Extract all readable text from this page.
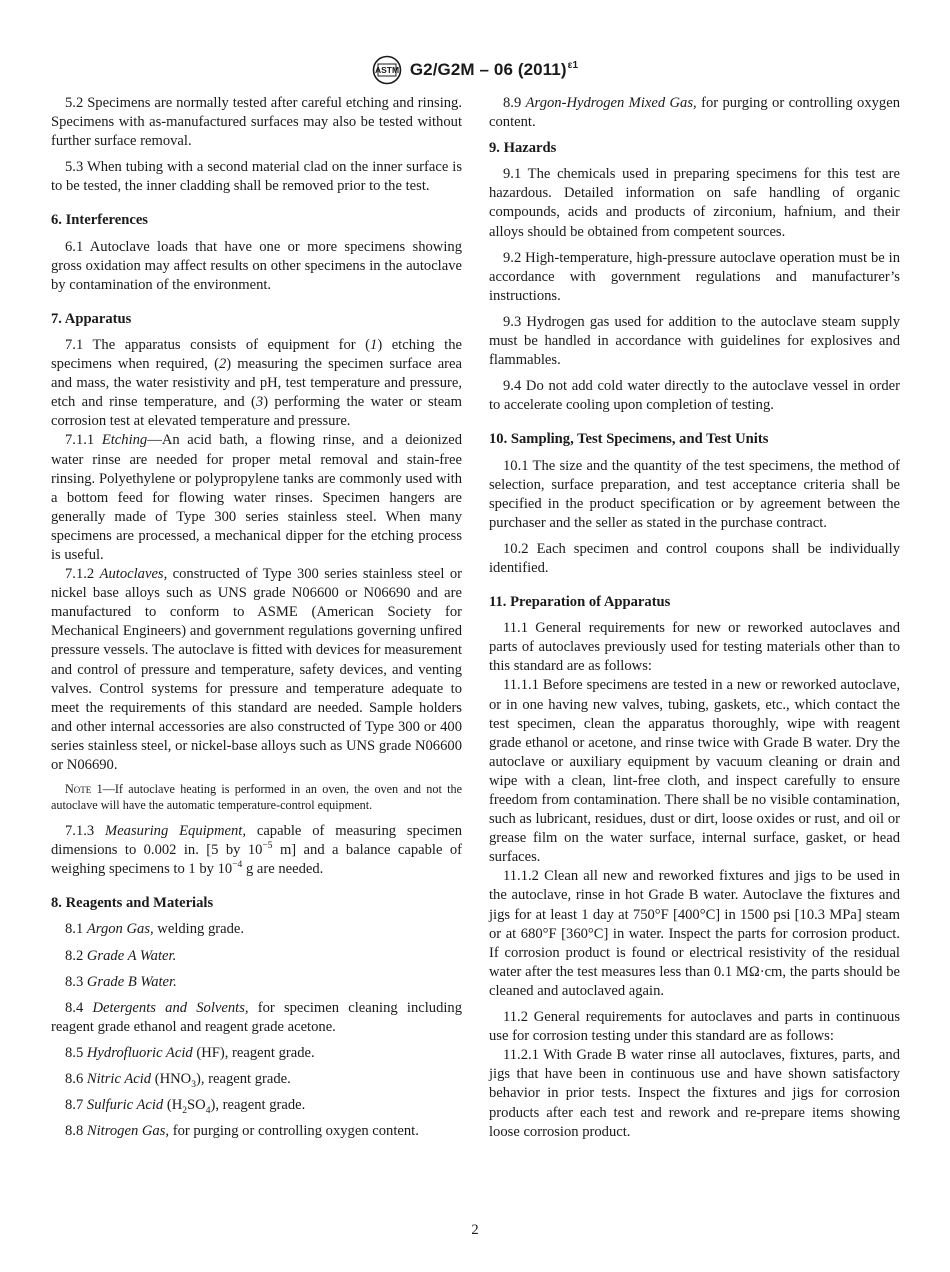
ASTM G2/G2M – 06 $(2011)^{\varepsilon 1}$

5.2 Specimens are normally tested after careful etching and rinsing. Specimens with as-manufactured surfaces may also be tested without further surface removal.

5.3 When tubing with a second material clad on the inner surface is to be tested, the inner cladding shall be removed prior to the test.

6. Interferences

6.1 Autoclave loads that have one or more specimens showing gross oxidation may affect results on other specimens in the autoclave by contamination of the environment.

7. Apparatus

7.1 The apparatus consists of equipment for (1) etching the specimens when required, (2) measuring the specimen surface area and mass, the water resistivity and pH, test temperature and pressure, etch and rinse temperature, and (3) performing the water or steam corrosion test at elevated temperature and pressure.

7.1.1 Etching—An acid bath, a flowing rinse, and a deionized water rinse are needed for proper metal removal and stain-free rinsing. Polyethylene or polypropylene tanks are commonly used with a bottom feed for flowing water rinses. Specimen hangers are generally made of Type 300 series stainless steel. When many specimens are processed, a mechanical dipper for the etching process is useful.

7.1.2 Autoclaves, constructed of Type 300 series stainless steel or nickel base alloys such as UNS grade N06600 or N06690 and are manufactured to conform to ASME (American Society for Mechanical Engineers) and government regulations governing unfired pressure vessels. The autoclave is fitted with devices for measurement and control of pressure and temperature, safety devices, and venting valves. Control systems for pressure and temperature adequate to meet the requirements of this standard are needed. Sample holders and other internal accessories are also constructed of Type 300 or 400 series stainless steel, or nickel-base alloys such as UNS grade N06600 or N06690.

Note 1—If autoclave heating is performed in an oven, the oven and not the autoclave will have the automatic temperature-control equipment.

7.1.3 Measuring Equipment, capable of measuring specimen dimensions to 0.002 in. [5 by $10^{-5}$ m] and a balance capable of weighing specimens to 1 by $10^{-4}$ g are needed.

8. Reagents and Materials

8.1 Argon Gas, welding grade.

8.2 Grade A Water.

8.3 Grade B Water.

8.4 Detergents and Solvents, for specimen cleaning including reagent grade ethanol and reagent grade acetone.

8.5 Hydrofluoric Acid (HF), reagent grade.

8.6 Nitric Acid $(HNO_3)$, reagent grade.

8.7 Sulfuric Acid $(H_2SO_4)$, reagent grade.

8.8 Nitrogen Gas, for purging or controlling oxygen content.

8.9 Argon-Hydrogen Mixed Gas, for purging or controlling oxygen content.

9. Hazards

9.1 The chemicals used in preparing specimens for this test are hazardous. Detailed information on safe handling of organic compounds, acids and products of zirconium, hafnium, and their alloys should be obtained from competent sources.

9.2 High-temperature, high-pressure autoclave operation must be in accordance with government regulations and manufacturer’s instructions.

9.3 Hydrogen gas used for addition to the autoclave steam supply must be handled in accordance with guidelines for explosives and flammables.

9.4 Do not add cold water directly to the autoclave vessel in order to accelerate cooling upon completion of testing.

10. Sampling, Test Specimens, and Test Units

10.1 The size and the quantity of the test specimens, the method of selection, surface preparation, and test acceptance criteria shall be specified in the product specification or by agreement between the purchaser and the seller as stated in the purchase contract.

10.2 Each specimen and control coupons shall be individually identified.

11. Preparation of Apparatus

11.1 General requirements for new or reworked autoclaves and parts of autoclaves previously used for testing materials other than to this standard are as follows:

11.1.1 Before specimens are tested in a new or reworked autoclave, or in one having new valves, tubing, gaskets, etc., which contact the test specimen, clean the apparatus thoroughly, wipe with reagent grade ethanol or acetone, and rinse twice with Grade B water. Dry the autoclave or auxiliary equipment by vacuum cleaning or drain and wipe with a clean, lint-free cloth, and inspect carefully to ensure freedom from contamination. There shall be no visible contamination, such as lubricant, residues, dust or dirt, loose oxides or rust, and oil or grease film on the water surface, internal surface, gasket, or head surfaces.

11.1.2 Clean all new and reworked fixtures and jigs to be used in the autoclave, rinse in hot Grade B water. Autoclave the fixtures and jigs for at least 1 day at 750°F [400°C] in 1500 psi [10.3 MPa] steam or at 680°F [360°C] in water. Inspect the parts for corrosion product. If corrosion product is found or electrical resistivity of the residual water after the test measures less than 0.1 MΩ·cm, the parts should be cleaned and autoclaved again.

11.2 General requirements for autoclaves and parts in continuous use for corrosion testing under this standard are as follows:

11.2.1 With Grade B water rinse all autoclaves, fixtures, parts, and jigs that have been in continuous use and have shown satisfactory behavior in prior tests. Inspect the fixtures and jigs for corrosion products after each test and rework and re-prepare items showing loose corrosion product.

2
